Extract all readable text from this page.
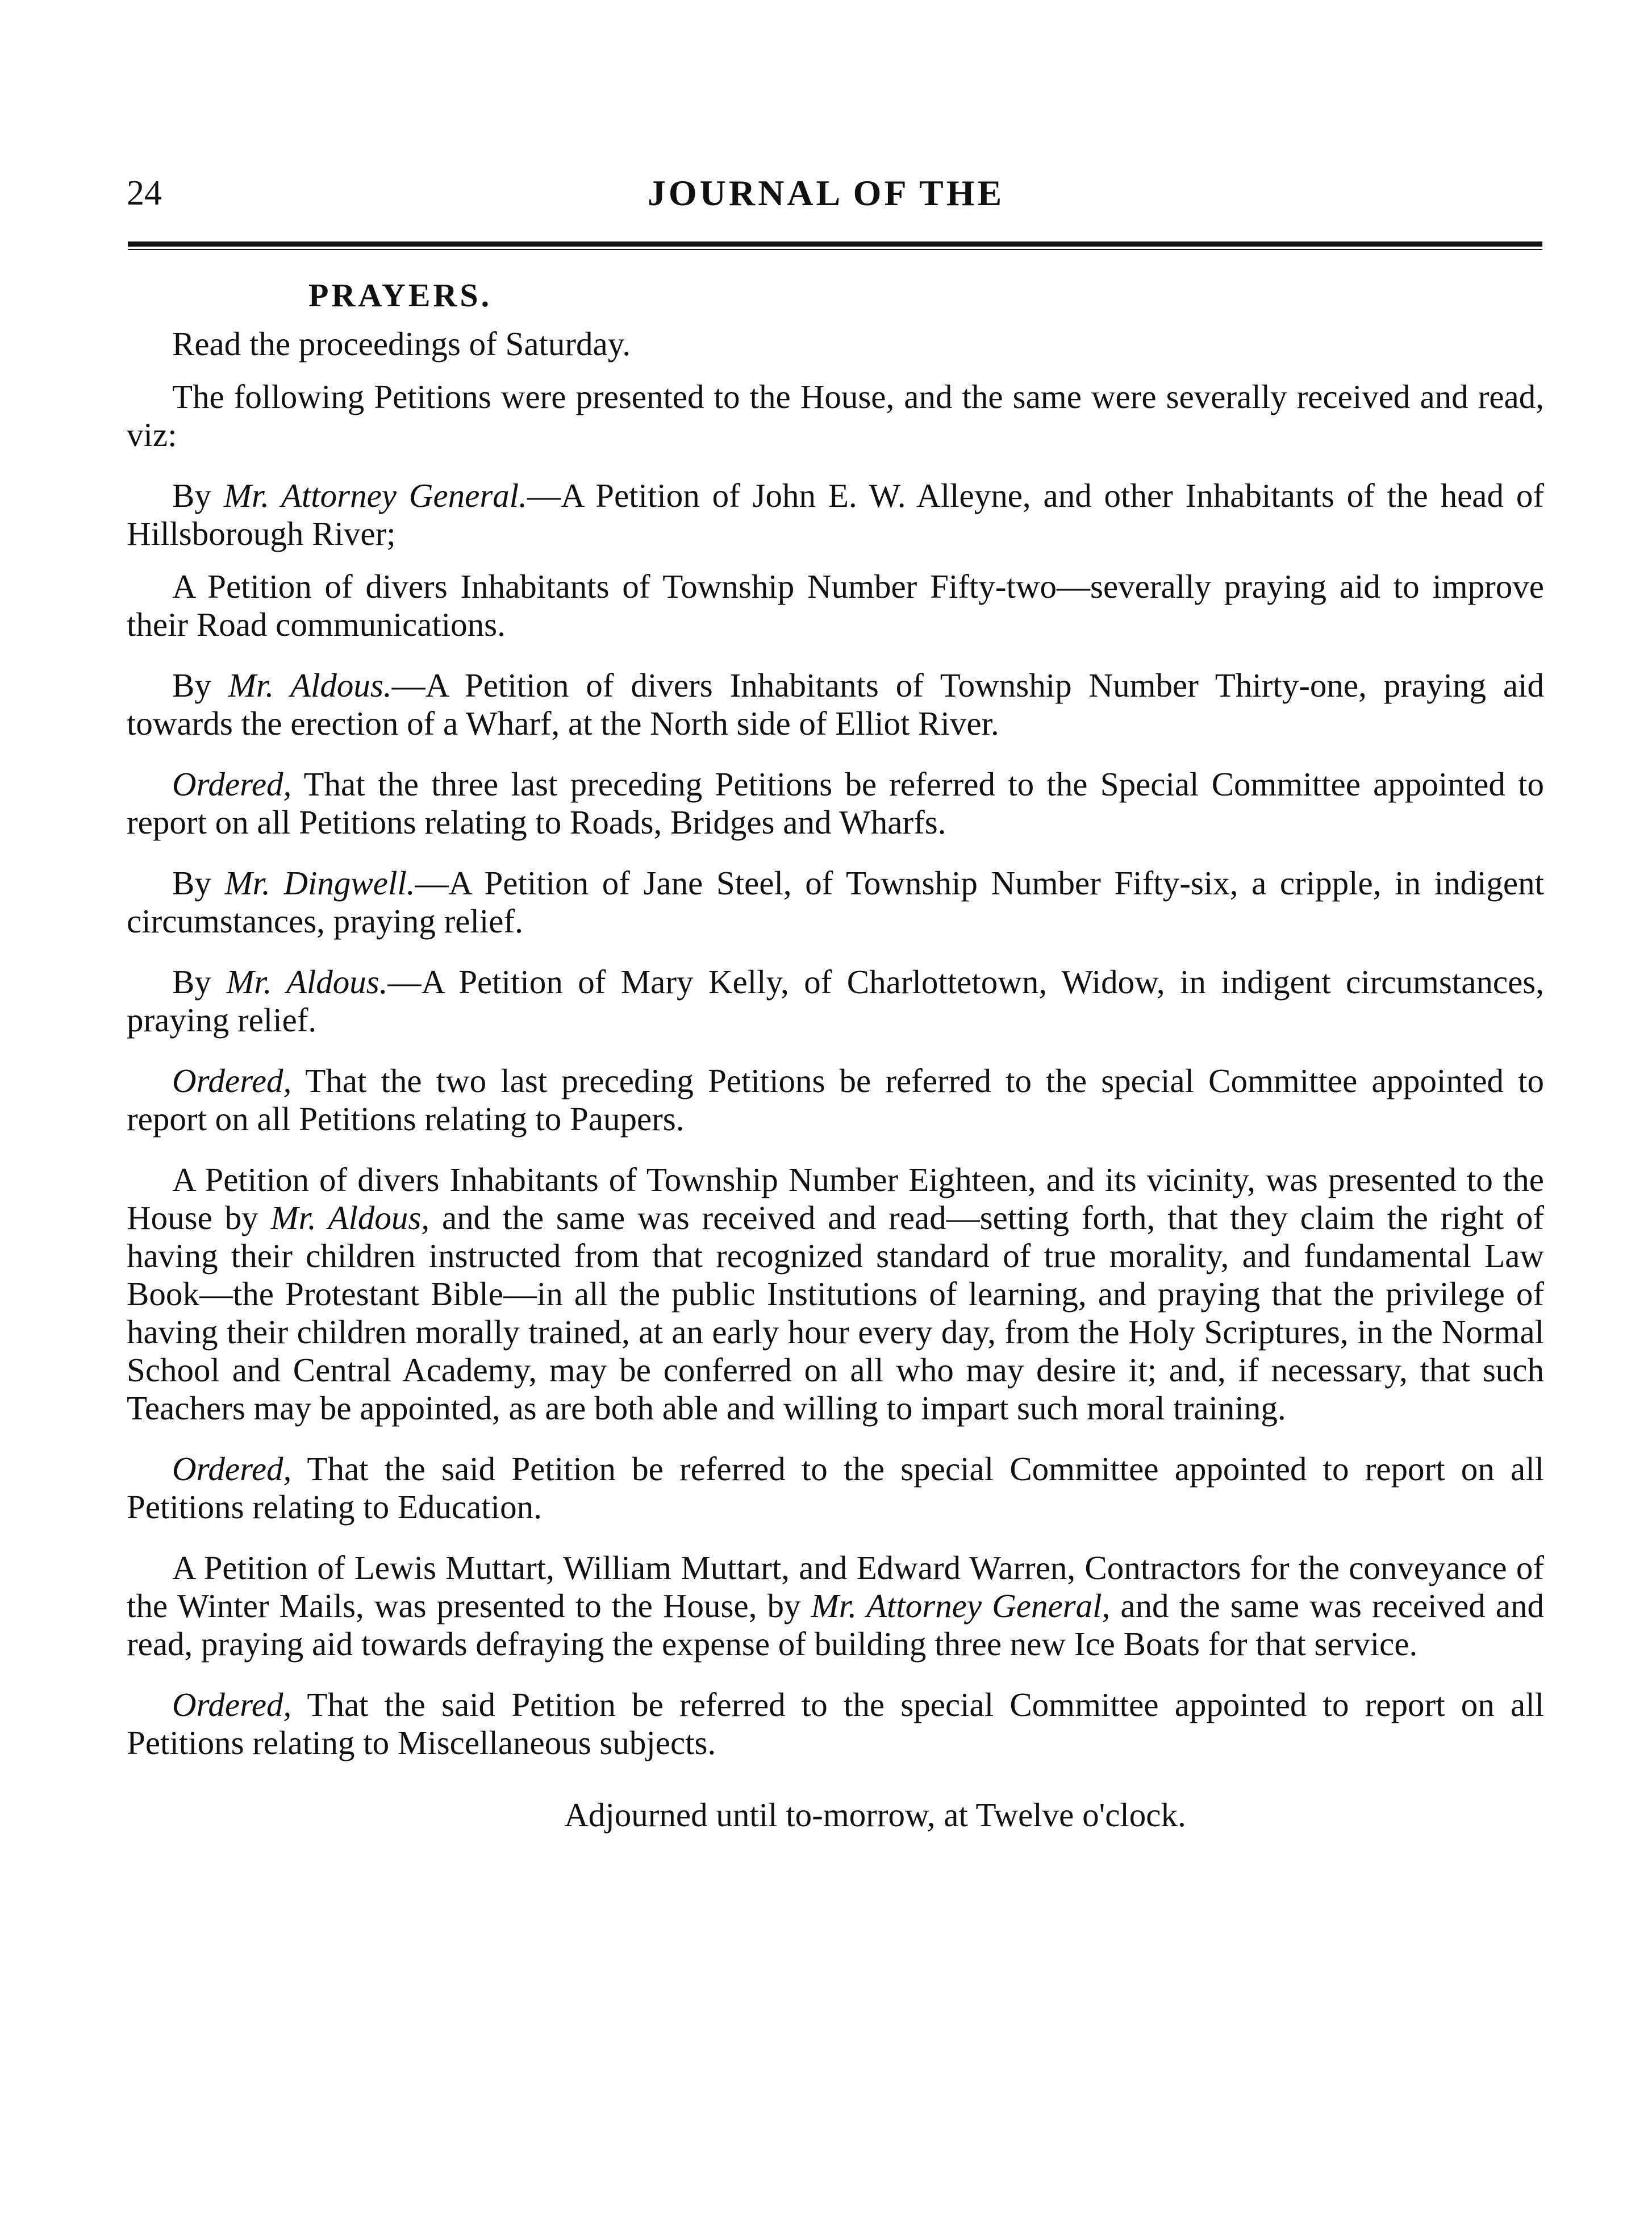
24	JOURNAL OF THE
PRAYERS.

Read the proceedings of Saturday.

The following Petitions were presented to the House, and the same were severally received and read, viz:

By Mr. Attorney General.—A Petition of John E. W. Alleyne, and other Inhabitants of the head of Hillsborough River;

A Petition of divers Inhabitants of Township Number Fifty-two—severally praying aid to improve their Road communications.

By Mr. Aldous.—A Petition of divers Inhabitants of Township Number Thirty-one, praying aid towards the erection of a Wharf, at the North side of Elliot River.

Ordered, That the three last preceding Petitions be referred to the Special Committee appointed to report on all Petitions relating to Roads, Bridges and Wharfs.

By Mr. Dingwell.—A Petition of Jane Steel, of Township Number Fifty-six, a cripple, in indigent circumstances, praying relief.

By Mr. Aldous.—A Petition of Mary Kelly, of Charlottetown, Widow, in indigent circumstances, praying relief.

Ordered, That the two last preceding Petitions be referred to the special Committee appointed to report on all Petitions relating to Paupers.

A Petition of divers Inhabitants of Township Number Eighteen, and its vicinity, was presented to the House by Mr. Aldous, and the same was received and read—setting forth, that they claim the right of having their children instructed from that recognized standard of true morality, and fundamental Law Book—the Protestant Bible—in all the public Institutions of learning, and praying that the privilege of having their children morally trained, at an early hour every day, from the Holy Scriptures, in the Normal School and Central Academy, may be conferred on all who may desire it; and, if necessary, that such Teachers may be appointed, as are both able and willing to impart such moral training.

Ordered, That the said Petition be referred to the special Committee appointed to report on all Petitions relating to Education.

A Petition of Lewis Muttart, William Muttart, and Edward Warren, Contractors for the conveyance of the Winter Mails, was presented to the House, by Mr. Attorney General, and the same was received and read, praying aid towards defraying the expense of building three new Ice Boats for that service.

Ordered, That the said Petition be referred to the special Committee appointed to report on all Petitions relating to Miscellaneous subjects.

Adjourned until to-morrow, at Twelve o'clock.
